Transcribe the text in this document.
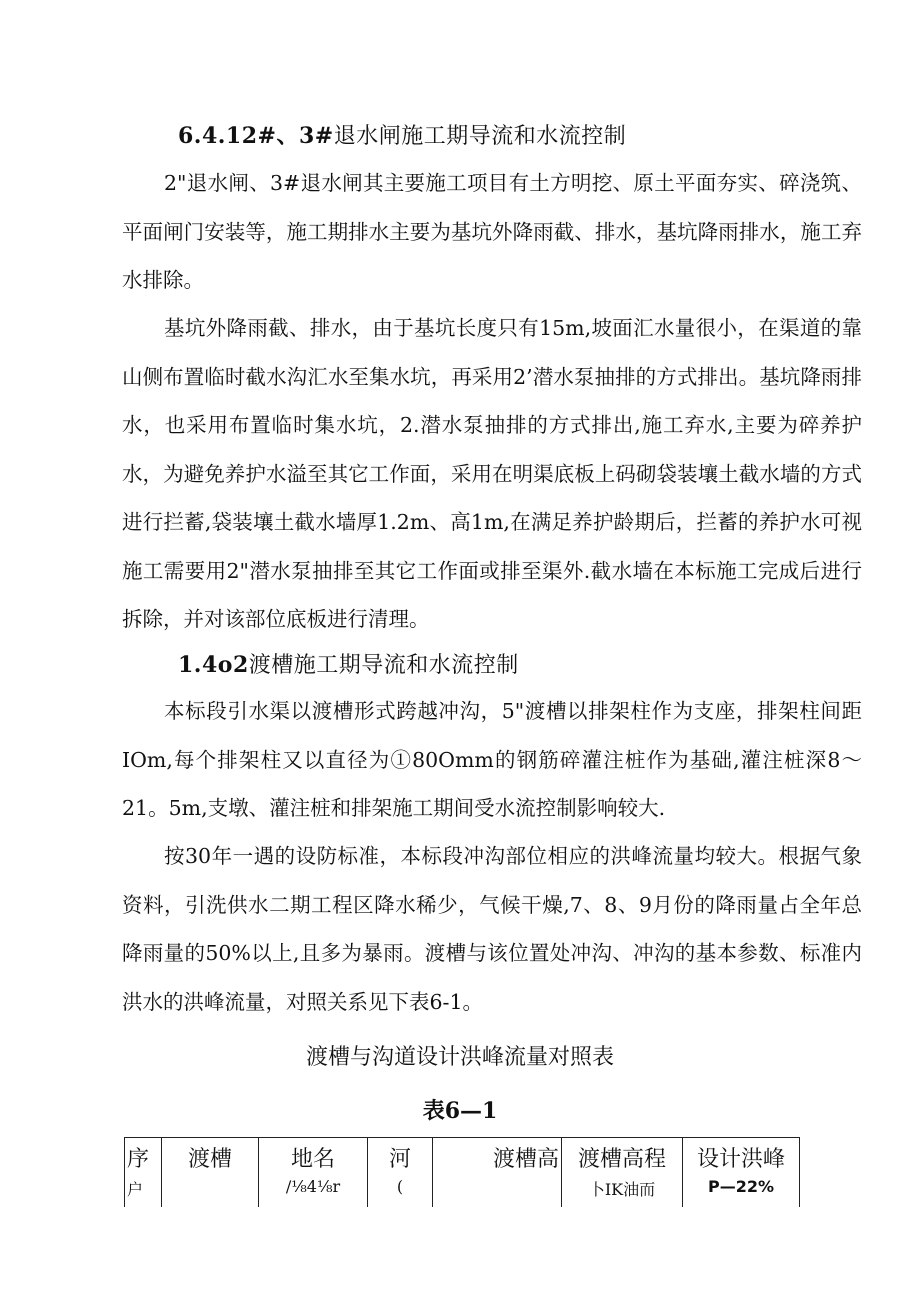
6.4.12#、3#退水闸施工期导流和水流控制

2"退水闸、3#退水闸其主要施工项目有土方明挖、原土平面夯实、碎浇筑、平面闸门安装等，施工期排水主要为基坑外降雨截、排水，基坑降雨排水，施工弃水排除。

基坑外降雨截、排水，由于基坑长度只有15m,坡面汇水量很小，在渠道的靠山侧布置临时截水沟汇水至集水坑，再采用2’潜水泵抽排的方式排出。基坑降雨排水，也采用布置临时集水坑，2.潜水泵抽排的方式排出,施工弃水,主要为碎养护水，为避免养护水溢至其它工作面，采用在明渠底板上码砌袋装壤土截水墙的方式进行拦蓄,袋装壤土截水墙厚1.2m、高1m,在满足养护龄期后，拦蓄的养护水可视施工需要用2"潜水泵抽排至其它工作面或排至渠外.截水墙在本标施工完成后进行拆除，并对该部位底板进行清理。

1.4o2渡槽施工期导流和水流控制

本标段引水渠以渡槽形式跨越冲沟，5"渡槽以排架柱作为支座，排架柱间距IOm,每个排架柱又以直径为①80Omm的钢筋碎灌注桩作为基础,灌注桩深8～21。5m,支墩、灌注桩和排架施工期间受水流控制影响较大.

按30年一遇的设防标准，本标段冲沟部位相应的洪峰流量均较大。根据气象资料，引洗供水二期工程区降水稀少，气候干燥,7、8、9月份的降雨量占全年总降雨量的50%以上,且多为暴雨。渡槽与该位置处冲沟、冲沟的基本参数、标准内洪水的洪峰流量，对照关系见下表6-1。

渡槽与沟道设计洪峰流量对照表
表6—1
序	渡槽	地名	河	渡槽高	渡槽高程	设计洪峰
户		∕⅛4⅛r	(		卜IK油而	P—22%
